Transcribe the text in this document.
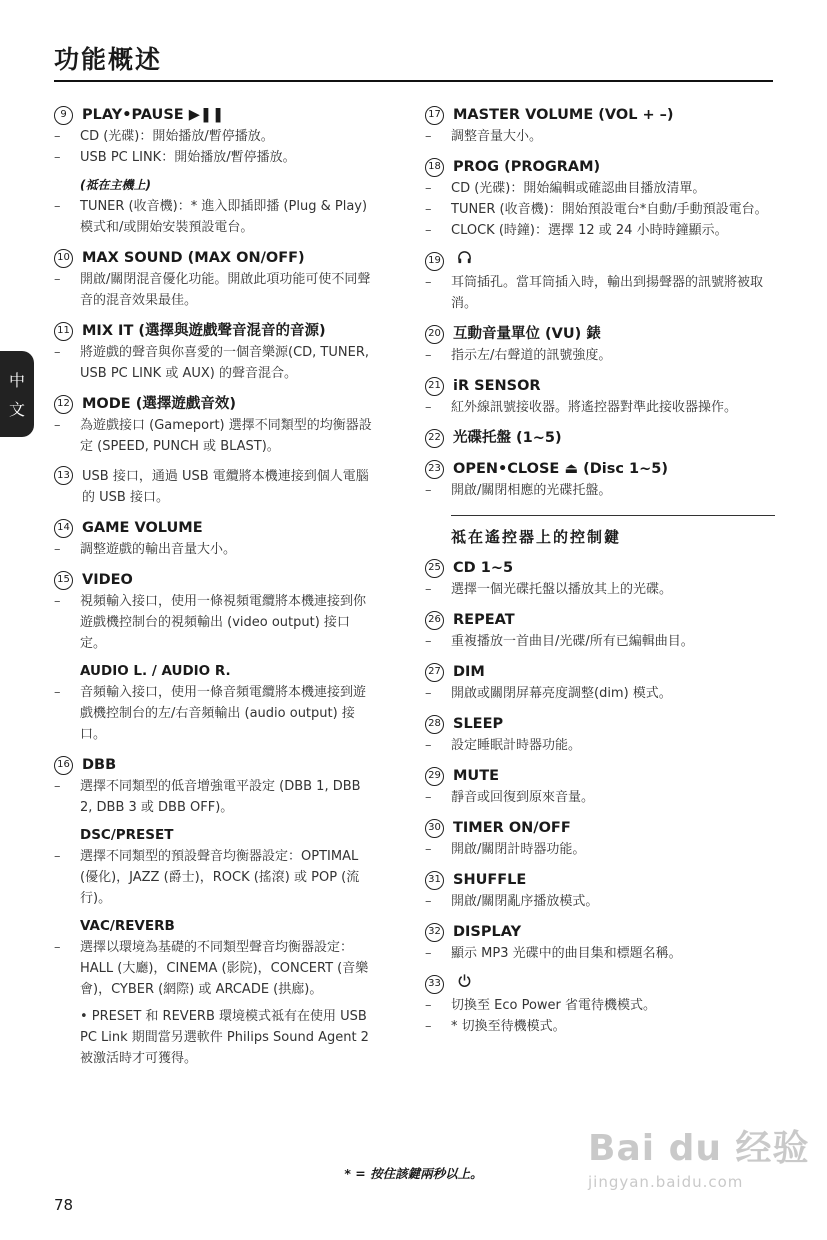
功能概述
中
文
9	PLAY•PAUSE ▶❚❚
– CD (光碟)：開始播放/暫停播放。
– USB PC LINK：開始播放/暫停播放。
(祗在主機上)
– TUNER (收音機)：* 進入即插即播 (Plug & Play) 模式和/或開始安裝預設電台。
10 MAX SOUND (MAX ON/OFF)
– 開啟/關閉混音優化功能。開啟此項功能可使不同聲音的混音效果最佳。
11 MIX IT (選擇與遊戲聲音混音的音源)
– 將遊戲的聲音與你喜愛的一個音樂源(CD, TUNER, USB PC LINK 或 AUX) 的聲音混合。
12 MODE (選擇遊戲音效)
– 為遊戲接口 (Gameport) 選擇不同類型的均衡器設定 (SPEED, PUNCH 或 BLAST)。
13 USB 接口，通過 USB 電纜將本機連接到個人電腦的 USB 接口。
14 GAME VOLUME
– 調整遊戲的輸出音量大小。
15 VIDEO
– 視頻輸入接口，使用一條視頻電纜將本機連接到你遊戲機控制台的視頻輸出 (video output) 接口定。
AUDIO L. / AUDIO R.
– 音頻輸入接口，使用一條音頻電纜將本機連接到遊戲機控制台的左/右音頻輸出 (audio output) 接口。
16 DBB
– 選擇不同類型的低音增強電平設定 (DBB 1, DBB 2, DBB 3 或 DBB OFF)。
DSC/PRESET
– 選擇不同類型的預設聲音均衡器設定：OPTIMAL (優化)，JAZZ (爵士)，ROCK (搖滾) 或 POP (流行)。
VAC/REVERB
– 選擇以環境為基礎的不同類型聲音均衡器設定：HALL (大廳)，CINEMA (影院)，CONCERT (音樂會)，CYBER (網際) 或 ARCADE (拱廊)。
• PRESET 和 REVERB 環境模式祗有在使用 USB PC Link 期間當另選軟件 Philips Sound Agent 2 被激活時才可獲得。
17 MASTER VOLUME (VOL + –)
– 調整音量大小。
18 PROG (PROGRAM)
– CD (光碟)：開始編輯或確認曲目播放清單。
– TUNER (收音機)：開始預設電台*自動/手動預設電台。
– CLOCK (時鐘)：選擇 12 或 24 小時時鐘顯示。
19
– 耳筒插孔。當耳筒插入時，輸出到揚聲器的訊號將被取消。
20 互動音量單位 (VU) 錶
– 指示左/右聲道的訊號強度。
21 iR SENSOR
– 紅外線訊號接收器。將遙控器對準此接收器操作。
22 光碟托盤 (1~5)
23 OPEN•CLOSE ⏏ (Disc 1~5)
– 開啟/關閉相應的光碟托盤。
祗在遙控器上的控制鍵
25 CD 1~5
– 選擇一個光碟托盤以播放其上的光碟。
26 REPEAT
– 重複播放一首曲目/光碟/所有已編輯曲目。
27 DIM
– 開啟或關閉屏幕亮度調整(dim) 模式。
28 SLEEP
– 設定睡眠計時器功能。
29 MUTE
– 靜音或回復到原來音量。
30 TIMER ON/OFF
– 開啟/關閉計時器功能。
31 SHUFFLE
– 開啟/關閉亂序播放模式。
32 DISPLAY
– 顯示 MP3 光碟中的曲目集和標題名稱。
33
– 切換至 Eco Power 省電待機模式。
– * 切換至待機模式。
* = 按住該鍵兩秒以上。
78
Bai du 经验
jingyan.baidu.com
